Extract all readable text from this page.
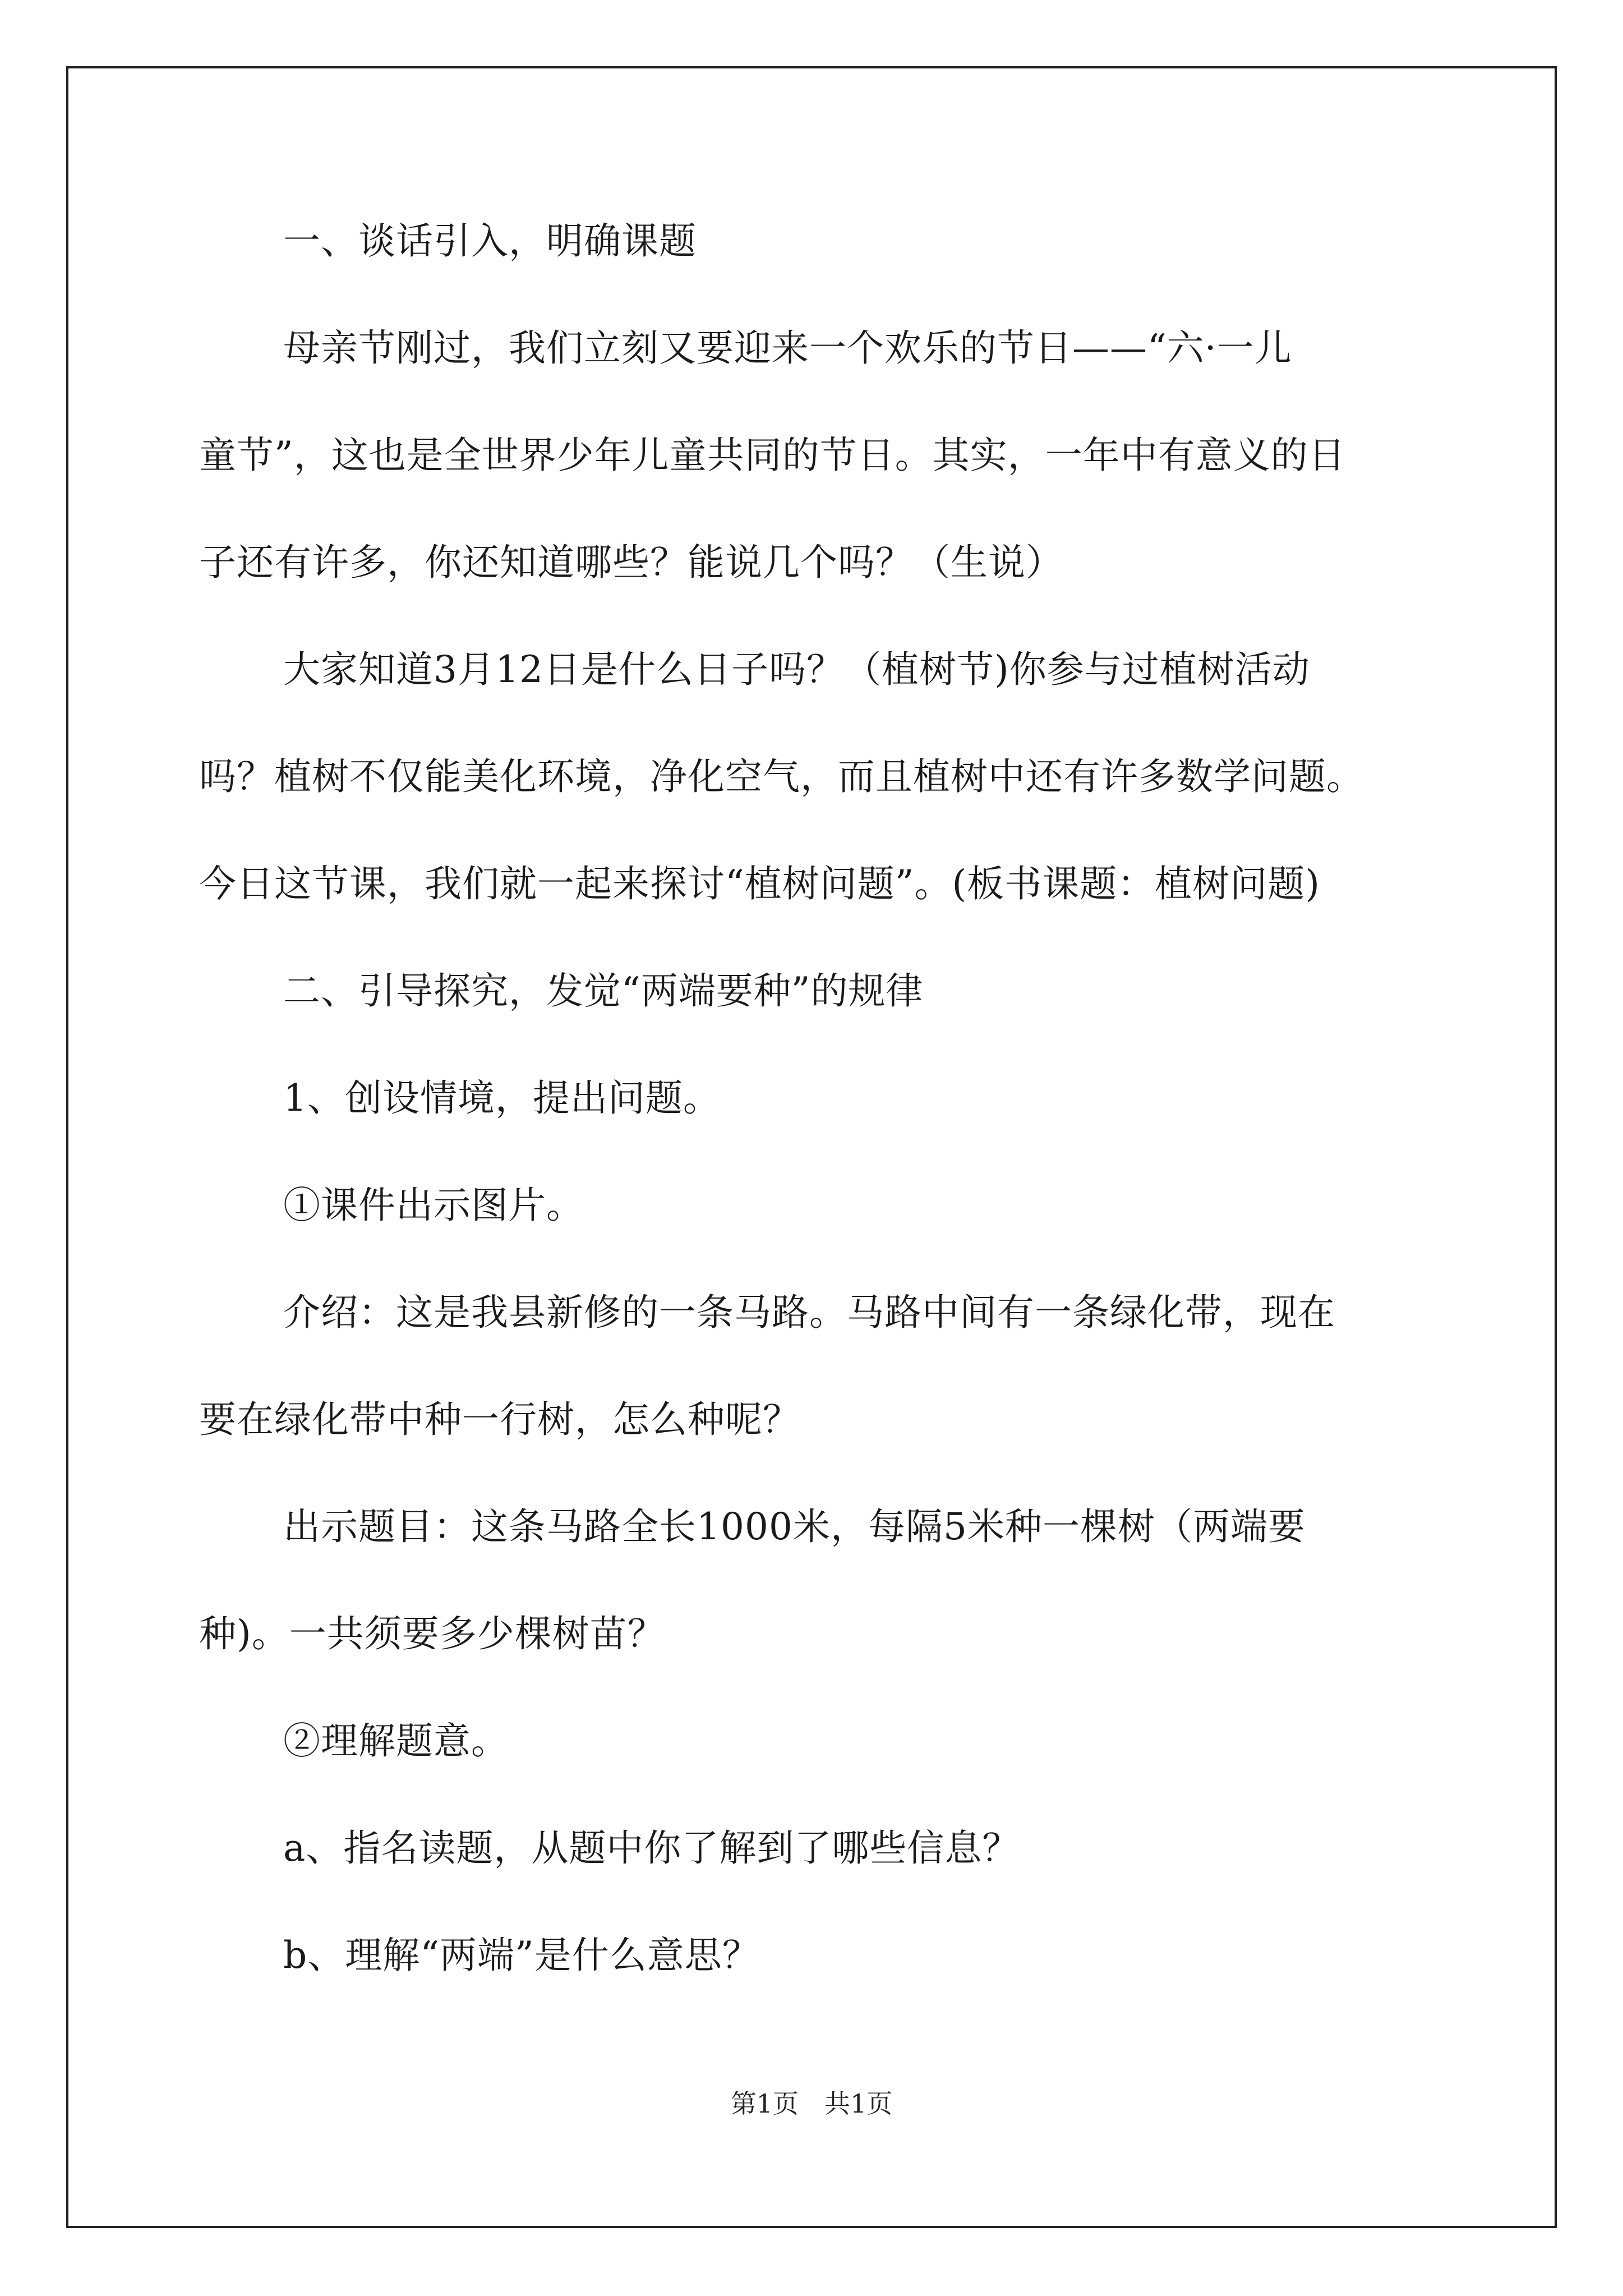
一、谈话引入，明确课题
母亲节刚过，我们立刻又要迎来一个欢乐的节日——“六·一儿
童节”，这也是全世界少年儿童共同的节日。其实，一年中有意义的日
子还有许多，你还知道哪些？能说几个吗？（生说）
大家知道3月12日是什么日子吗？（植树节)你参与过植树活动
吗？植树不仅能美化环境，净化空气，而且植树中还有许多数学问题。
今日这节课，我们就一起来探讨“植树问题”。(板书课题：植树问题)
二、引导探究，发觉“两端要种”的规律
1、创设情境，提出问题。
①课件出示图片。
介绍：这是我县新修的一条马路。马路中间有一条绿化带，现在
要在绿化带中种一行树，怎么种呢？
出示题目：这条马路全长1000米，每隔5米种一棵树（两端要
种)。一共须要多少棵树苗？
②理解题意。
a、指名读题，从题中你了解到了哪些信息？
b、理解“两端”是什么意思？
第1页　共1页
